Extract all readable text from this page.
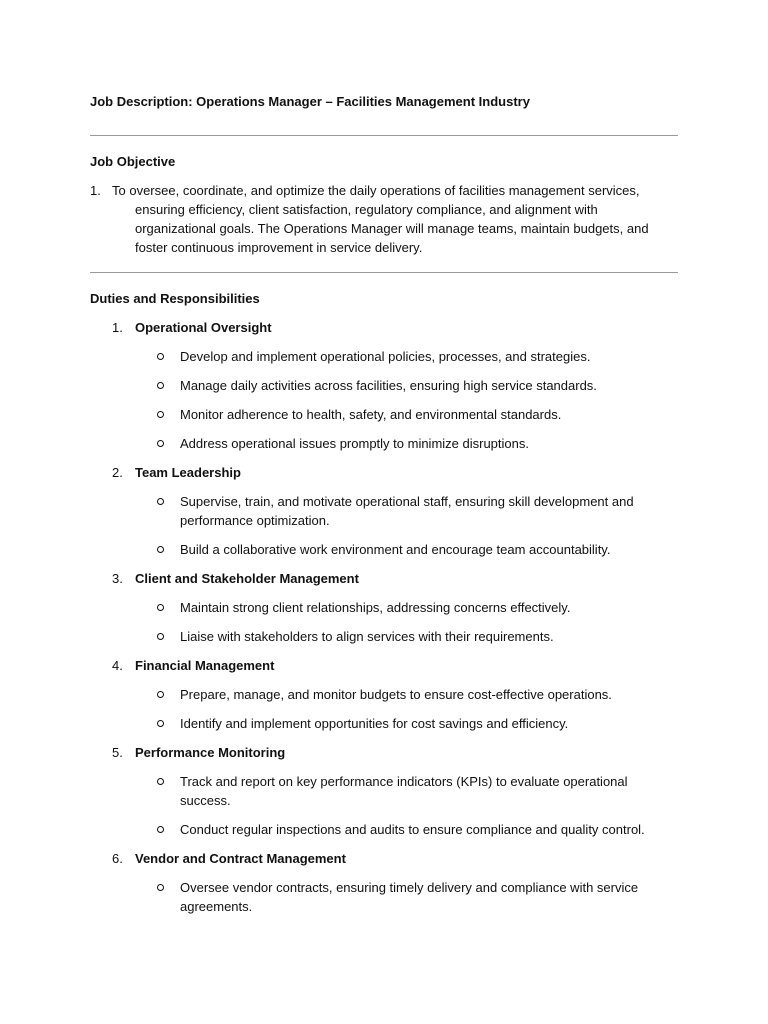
Job Description: Operations Manager – Facilities Management Industry
Job Objective

1. To oversee, coordinate, and optimize the daily operations of facilities management services, ensuring efficiency, client satisfaction, regulatory compliance, and alignment with organizational goals. The Operations Manager will manage teams, maintain budgets, and foster continuous improvement in service delivery.

Duties and Responsibilities
1. Operational Oversight
Develop and implement operational policies, processes, and strategies.
Manage daily activities across facilities, ensuring high service standards.
Monitor adherence to health, safety, and environmental standards.
Address operational issues promptly to minimize disruptions.
2. Team Leadership
Supervise, train, and motivate operational staff, ensuring skill development and performance optimization.
Build a collaborative work environment and encourage team accountability.
3. Client and Stakeholder Management
Maintain strong client relationships, addressing concerns effectively.
Liaise with stakeholders to align services with their requirements.
4. Financial Management
Prepare, manage, and monitor budgets to ensure cost-effective operations.
Identify and implement opportunities for cost savings and efficiency.
5. Performance Monitoring
Track and report on key performance indicators (KPIs) to evaluate operational success.
Conduct regular inspections and audits to ensure compliance and quality control.
6. Vendor and Contract Management
Oversee vendor contracts, ensuring timely delivery and compliance with service agreements.
